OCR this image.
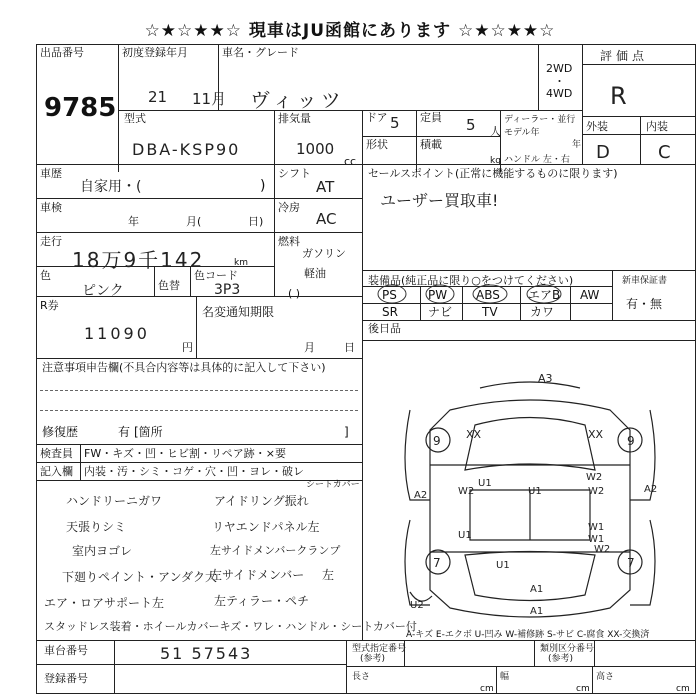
☆★☆★★☆ 現車はJU函館にあります ☆★☆★★☆
出品番号
9785
初度登録年月
21 11月
車名・グレード
ヴィッツ
2WD
・
4WD
評価点
R
外装	内装
D	C
型式
DBA-KSP90
排気量
1000
cc
ドア 5 定員 5 人
ディーラー・並行
モデル年
年
形状	積載
kg ハンドル 左・右
車歴
自家用・(	)
シフト
AT
セールスポイント(正常に機能するものに限ります)
ユーザー買取車!
車検
年	月(	日)
冷房
AC
走行
18万9千142	km
燃料
ガソリン
軽油
( )
色
ピンク	色替
色コード
3P3
装備品(純正品に限り○をつけてください)	新車保証書
有・無
PS	PW ABS エアB AW
SR	ナビ TV	カワ
R券
11090
円
名変通知期限
月	日
後日品
注意事項申告欄(不具合内容等は具体的に記入して下さい)
修復歴	有 [箇所	]
検査員 FW・キズ・凹・ヒビ割・リペア跡・×要
記入欄 内装・汚・シミ・コゲ・穴・凹・ヨレ・破レ
シートカバー
ハンドリーニガワ
天張りシミ
室内ヨゴレ
下廻りペイント・アンダク大
エア・ロアサポート左
スタッドレス装着・ホイールカバーキズ・ワレ・ハンドル・シートカバー付
アイドリング振れ
リヤエンドパネル左
左サイドメンバークランプ
左サイドメンバー
左ティラー・ペチ
左
A3
XX	XX
9	9
U1
U1
W2
W2
W2
A2
A2
U1
W1
W1
W2
7	7
A1
A1
U1
U2
A-キズ E-エクボ U-凹み W-補修跡 S-サビ C-腐食 XX-交換済
車台番号	51 57543
登録番号
型式指定番号
(参考)
類別区分番号
(参考)
長さ
cm
幅
cm
高さ
cm
